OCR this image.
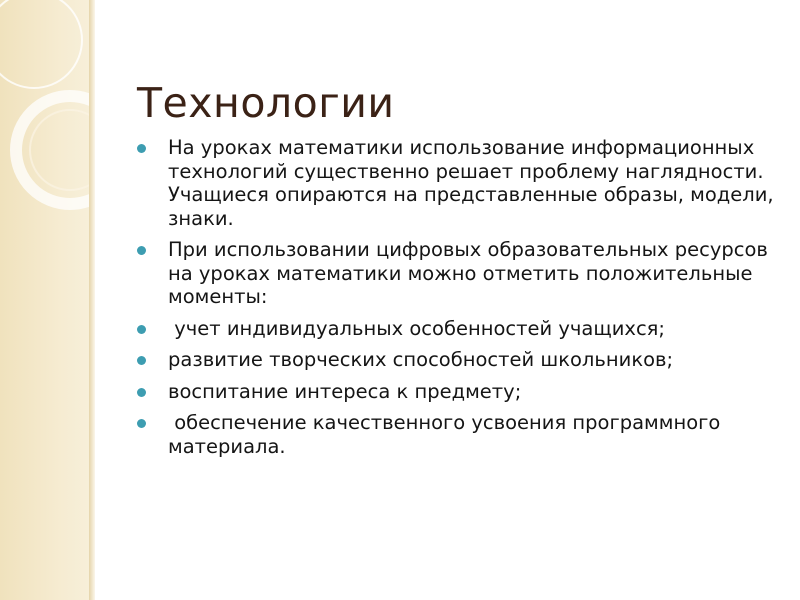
Технологии
На уроках математики использование информационных технологий существенно решает проблему наглядности. Учащиеся опираются на представленные образы, модели, знаки.
При использовании цифровых образовательных ресурсов на уроках математики можно отметить положительные моменты:
учет индивидуальных особенностей учащихся;
развитие творческих способностей школьников;
воспитание интереса к предмету;
обеспечение качественного усвоения программного материала.
